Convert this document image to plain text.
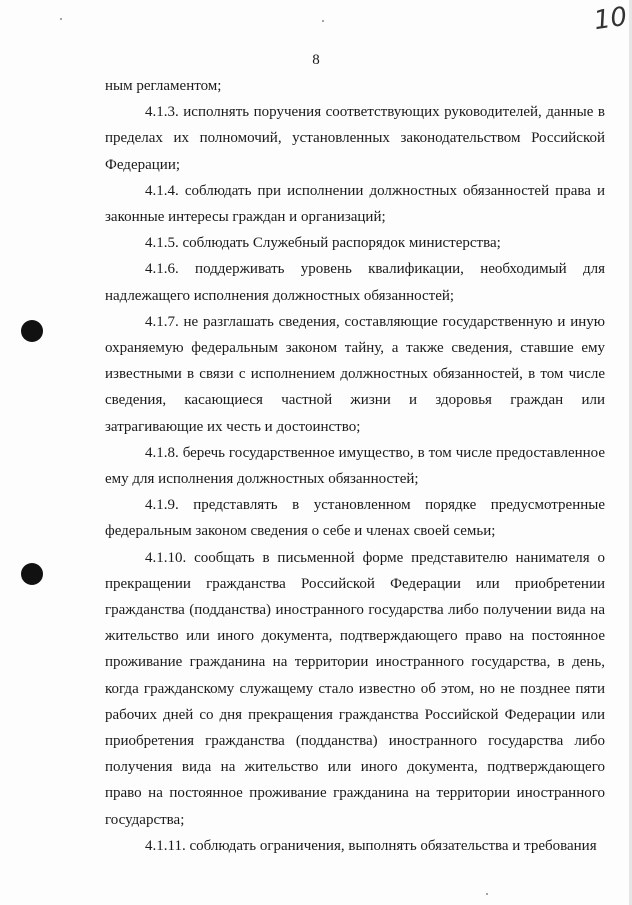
10
8

ным регламентом;

4.1.3. исполнять поручения соответствующих руководителей, данные в пределах их полномочий, установленных законодательством Российской Федерации;

4.1.4. соблюдать при исполнении должностных обязанностей права и законные интересы граждан и организаций;

4.1.5. соблюдать Служебный распорядок министерства;

4.1.6. поддерживать уровень квалификации, необходимый для надлежащего исполнения должностных обязанностей;

4.1.7. не разглашать сведения, составляющие государственную и иную охраняемую федеральным законом тайну, а также сведения, ставшие ему известными в связи с исполнением должностных обязанностей, в том числе сведения, касающиеся частной жизни и здоровья граждан или затрагивающие их честь и достоинство;

4.1.8. беречь государственное имущество, в том числе предоставленное ему для исполнения должностных обязанностей;

4.1.9. представлять в установленном порядке предусмотренные федеральным законом сведения о себе и членах своей семьи;

4.1.10. сообщать в письменной форме представителю нанимателя о прекращении гражданства Российской Федерации или приобретении гражданства (подданства) иностранного государства либо получении вида на жительство или иного документа, подтверждающего право на постоянное проживание гражданина на территории иностранного государства, в день, когда гражданскому служащему стало известно об этом, но не позднее пяти рабочих дней со дня прекращения гражданства Российской Федерации или приобретения гражданства (подданства) иностранного государства либо получения вида на жительство или иного документа, подтверждающего право на постоянное проживание гражданина на территории иностранного государства;

4.1.11. соблюдать ограничения, выполнять обязательства и требования
